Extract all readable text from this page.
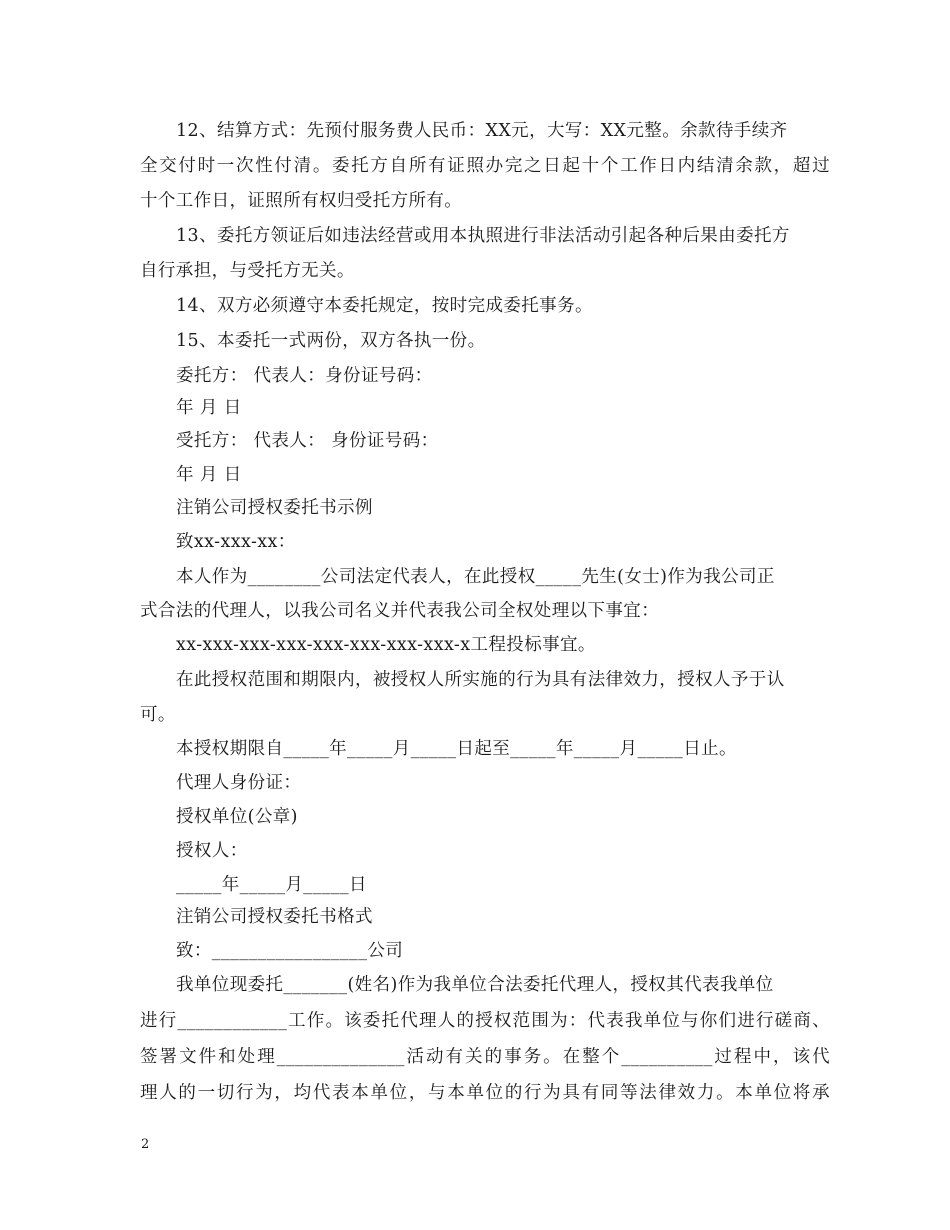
12、结算方式：先预付服务费人民币：XX元，大写：XX元整。余款待手续齐
全交付时一次性付清。委托方自所有证照办完之日起十个工作日内结清余款，超过
十个工作日，证照所有权归受托方所有。
13、委托方领证后如违法经营或用本执照进行非法活动引起各种后果由委托方
自行承担，与受托方无关。
14、双方必须遵守本委托规定，按时完成委托事务。
15、本委托一式两份，双方各执一份。
委托方： 代表人：身份证号码：
年 月 日
受托方： 代表人： 身份证号码：
年 月 日
注销公司授权委托书示例
致xx-xxx-xx：
本人作为________公司法定代表人，在此授权_____先生(女士)作为我公司正
式合法的代理人，以我公司名义并代表我公司全权处理以下事宜：
xx-xxx-xxx-xxx-xxx-xxx-xxx-xxx-x工程投标事宜。
在此授权范围和期限内，被授权人所实施的行为具有法律效力，授权人予于认
可。
本授权期限自_____年_____月_____日起至_____年_____月_____日止。
代理人身份证：
授权单位(公章)
授权人：
_____年_____月_____日
注销公司授权委托书格式
致：_________________公司
我单位现委托_______(姓名)作为我单位合法委托代理人，授权其代表我单位
进行____________工作。该委托代理人的授权范围为：代表我单位与你们进行磋商、
签署文件和处理______________活动有关的事务。在整个__________过程中，该代
理人的一切行为，均代表本单位，与本单位的行为具有同等法律效力。本单位将承
2
